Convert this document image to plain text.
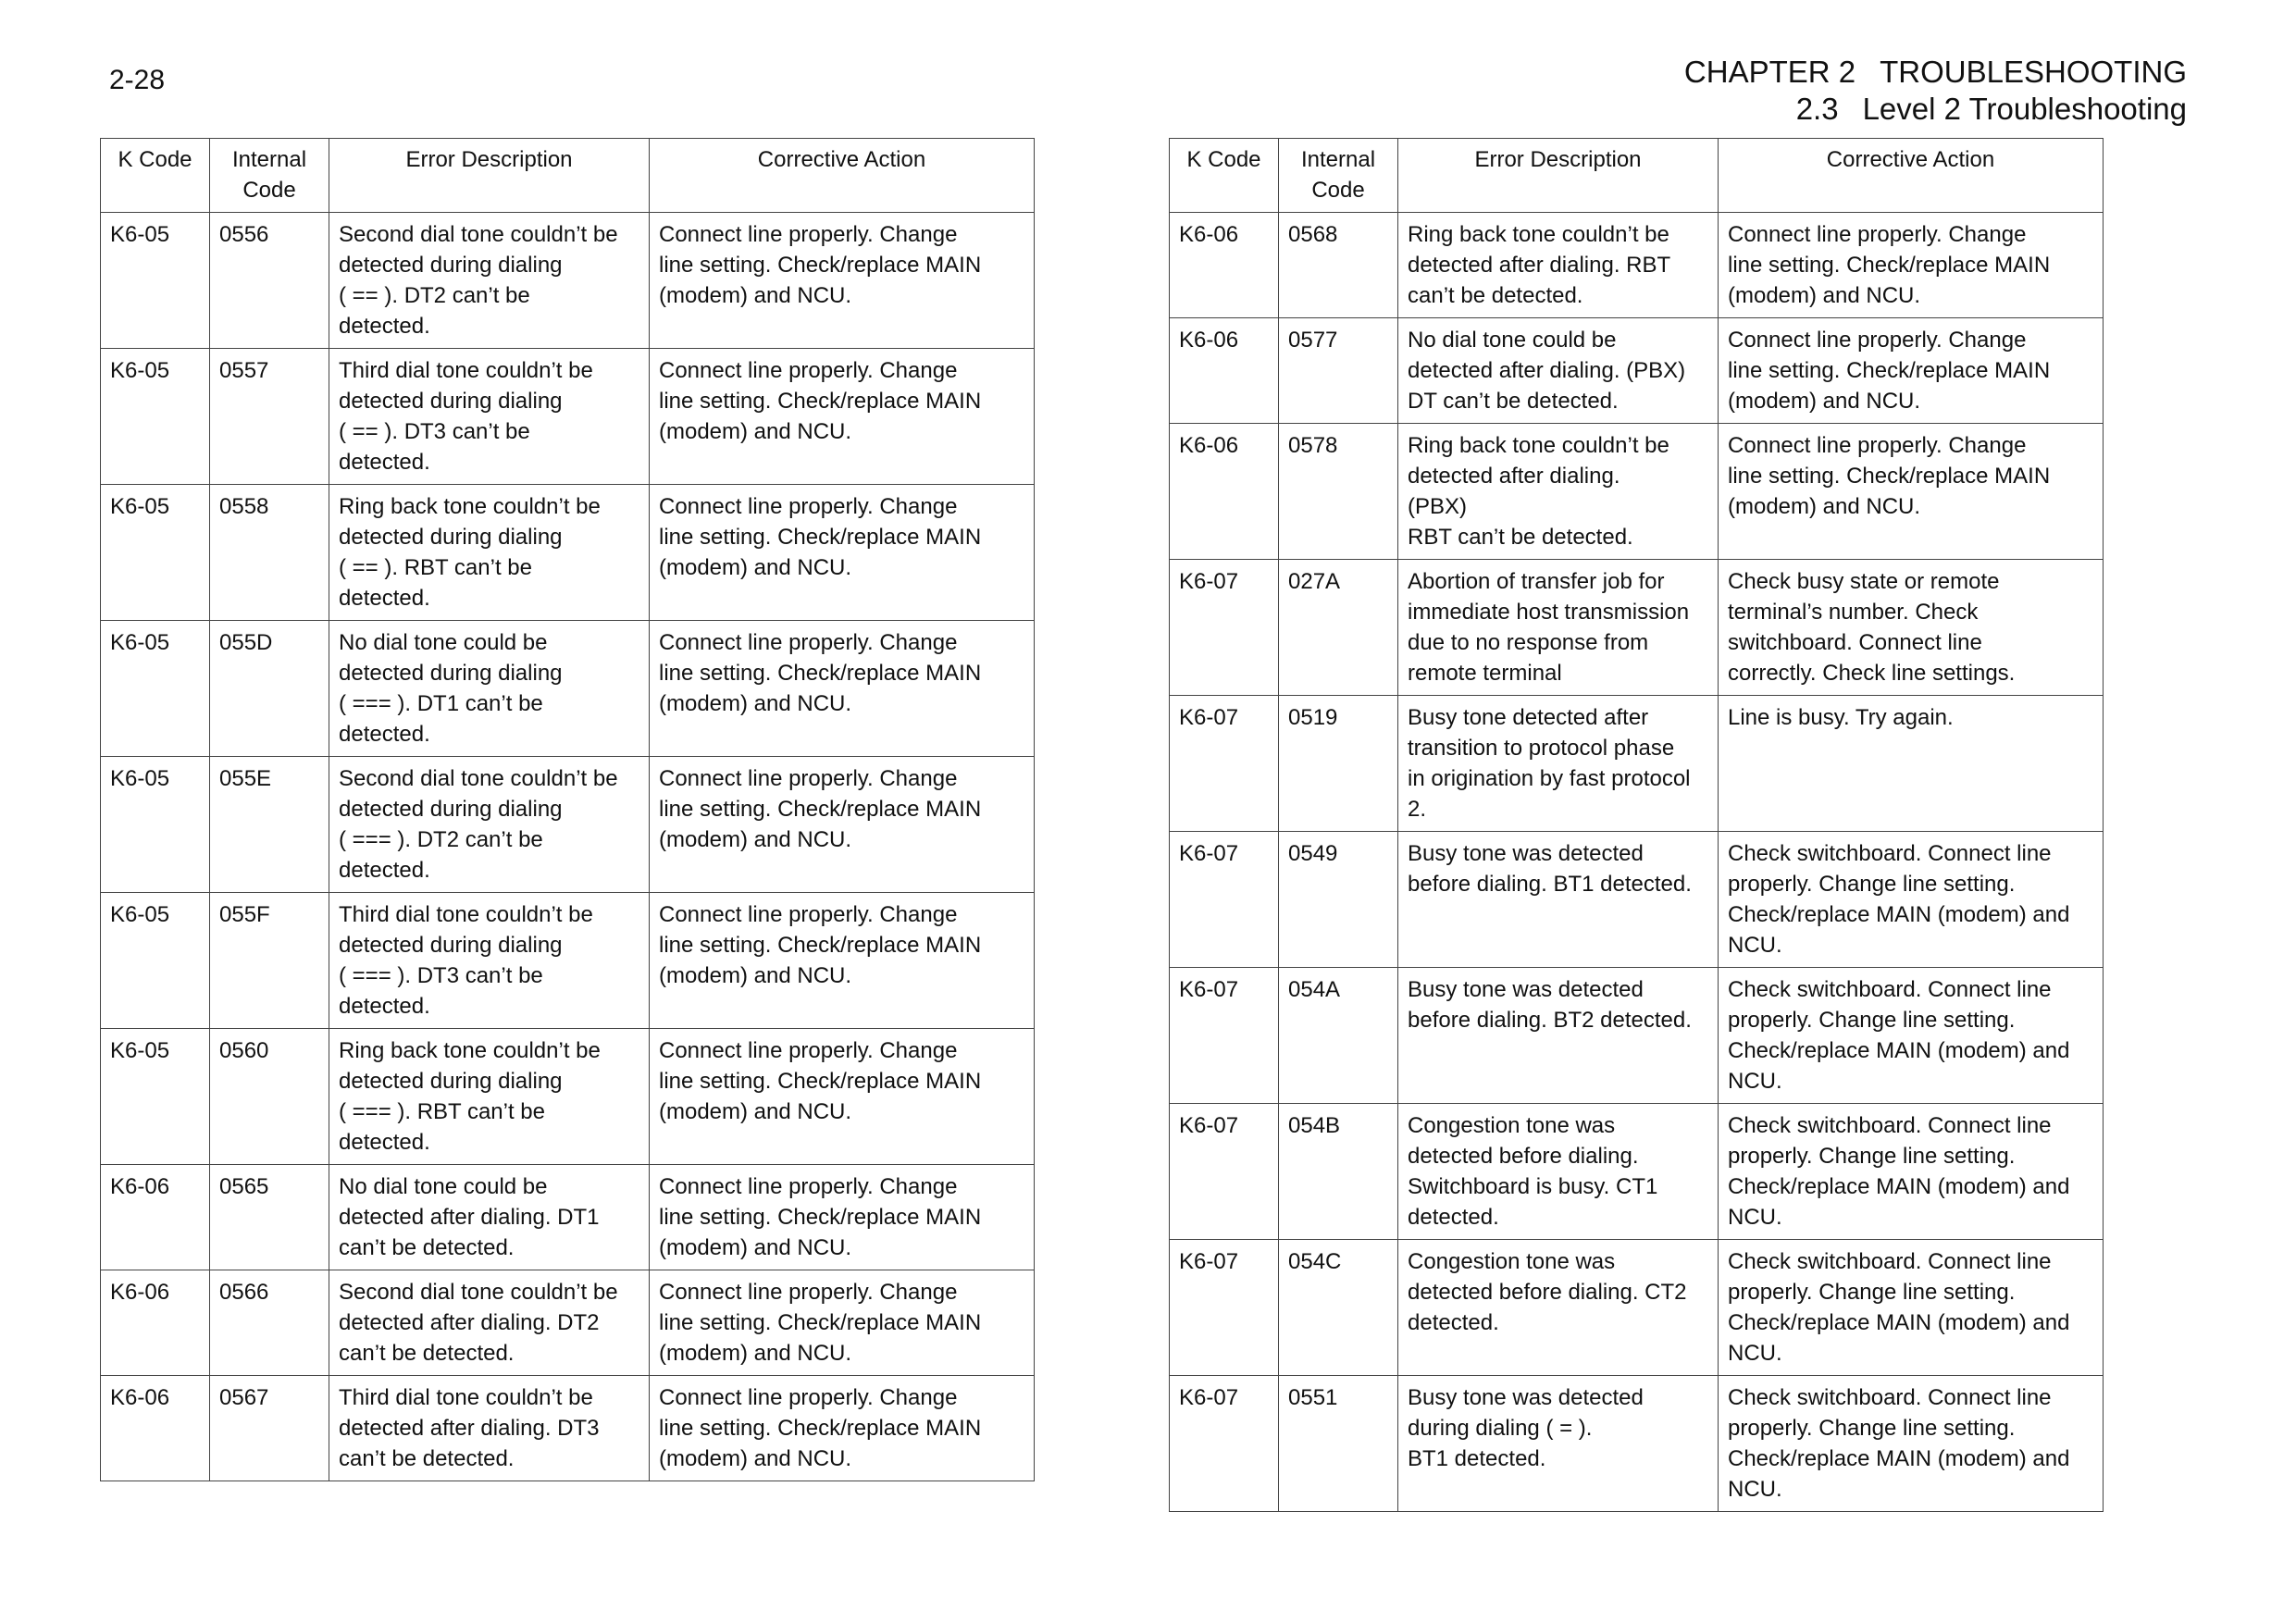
2-28	CHAPTER 2 TROUBLESHOOTING
2.3 Level 2 Troubleshooting
K Code	Internal
Code	Error Description	Corrective Action
K6-05	0556	Second dial tone couldn’t be
detected during dialing
( == ). DT2 can’t be
detected.	Connect line properly. Change
line setting. Check/replace MAIN
(modem) and NCU.
K6-05	0557	Third dial tone couldn’t be
detected during dialing
( == ). DT3 can’t be
detected.	Connect line properly. Change
line setting. Check/replace MAIN
(modem) and NCU.
K6-05	0558	Ring back tone couldn’t be
detected during dialing
( == ). RBT can’t be
detected.	Connect line properly. Change
line setting. Check/replace MAIN
(modem) and NCU.
K6-05	055D	No dial tone could be
detected during dialing
( === ). DT1 can’t be
detected.	Connect line properly. Change
line setting. Check/replace MAIN
(modem) and NCU.
K6-05	055E	Second dial tone couldn’t be
detected during dialing
( === ). DT2 can’t be
detected.	Connect line properly. Change
line setting. Check/replace MAIN
(modem) and NCU.
K6-05	055F	Third dial tone couldn’t be
detected during dialing
( === ). DT3 can’t be
detected.	Connect line properly. Change
line setting. Check/replace MAIN
(modem) and NCU.
K6-05	0560	Ring back tone couldn’t be
detected during dialing
( === ). RBT can’t be
detected.	Connect line properly. Change
line setting. Check/replace MAIN
(modem) and NCU.
K6-06	0565	No dial tone could be
detected after dialing. DT1
can’t be detected.	Connect line properly. Change
line setting. Check/replace MAIN
(modem) and NCU.
K6-06	0566	Second dial tone couldn’t be
detected after dialing. DT2
can’t be detected.	Connect line properly. Change
line setting. Check/replace MAIN
(modem) and NCU.
K6-06	0567	Third dial tone couldn’t be
detected after dialing. DT3
can’t be detected.	Connect line properly. Change
line setting. Check/replace MAIN
(modem) and NCU.
K Code	Internal
Code	Error Description	Corrective Action
K6-06	0568	Ring back tone couldn’t be
detected after dialing. RBT
can’t be detected.	Connect line properly. Change
line setting. Check/replace MAIN
(modem) and NCU.
K6-06	0577	No dial tone could be
detected after dialing. (PBX)
DT can’t be detected.	Connect line properly. Change
line setting. Check/replace MAIN
(modem) and NCU.
K6-06	0578	Ring back tone couldn’t be
detected after dialing.
(PBX)
RBT can’t be detected.	Connect line properly. Change
line setting. Check/replace MAIN
(modem) and NCU.
K6-07	027A	Abortion of transfer job for
immediate host transmission
due to no response from
remote terminal	Check busy state or remote
terminal’s number. Check
switchboard. Connect line
correctly. Check line settings.
K6-07	0519	Busy tone detected after
transition to protocol phase
in origination by fast protocol
2.	Line is busy. Try again.
K6-07	0549	Busy tone was detected
before dialing. BT1 detected.	Check switchboard. Connect line
properly. Change line setting.
Check/replace MAIN (modem) and
NCU.
K6-07	054A	Busy tone was detected
before dialing. BT2 detected.	Check switchboard. Connect line
properly. Change line setting.
Check/replace MAIN (modem) and
NCU.
K6-07	054B	Congestion tone was
detected before dialing.
Switchboard is busy. CT1
detected.	Check switchboard. Connect line
properly. Change line setting.
Check/replace MAIN (modem) and
NCU.
K6-07	054C	Congestion tone was
detected before dialing. CT2
detected.	Check switchboard. Connect line
properly. Change line setting.
Check/replace MAIN (modem) and
NCU.
K6-07	0551	Busy tone was detected
during dialing ( = ).
BT1 detected.	Check switchboard. Connect line
properly. Change line setting.
Check/replace MAIN (modem) and
NCU.
